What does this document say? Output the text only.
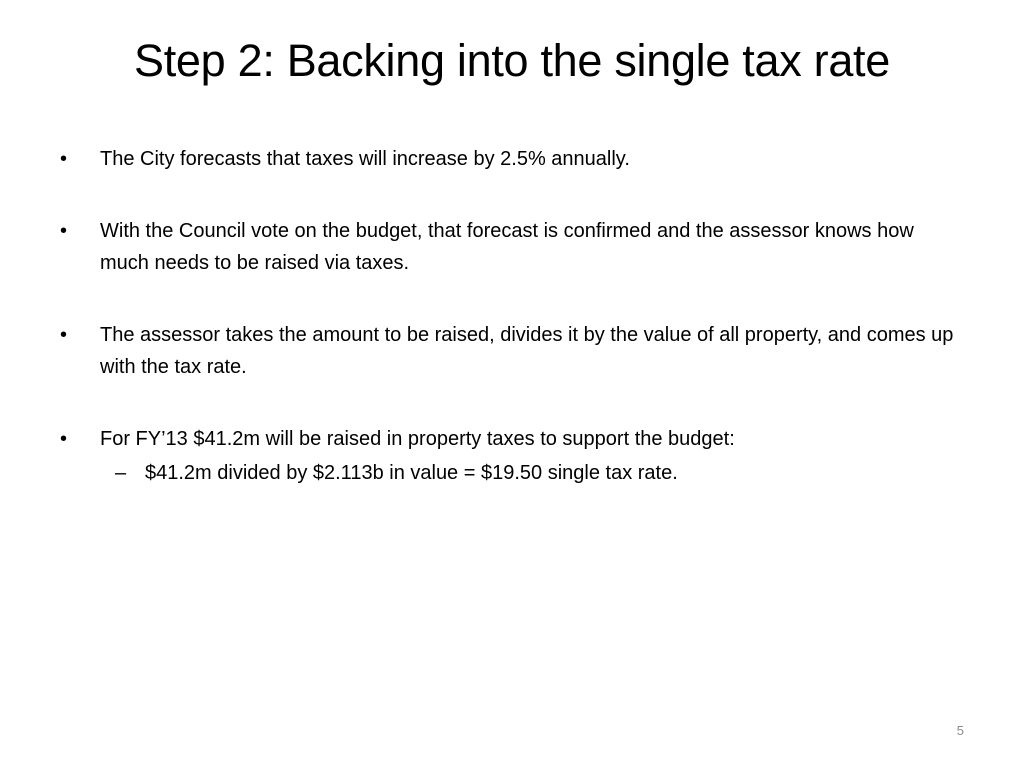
Step 2: Backing into the single tax rate
•	The City forecasts that taxes will increase by 2.5% annually.
•	With the Council vote on the budget, that forecast is confirmed and the assessor knows how much needs to be raised via taxes.
•	The assessor takes the amount to be raised, divides it by the value of all property, and comes up with the tax rate.
•	For FY’13 $41.2m will be raised in property taxes to support the budget:
– $41.2m divided by $2.113b in value = $19.50 single tax rate.
5
